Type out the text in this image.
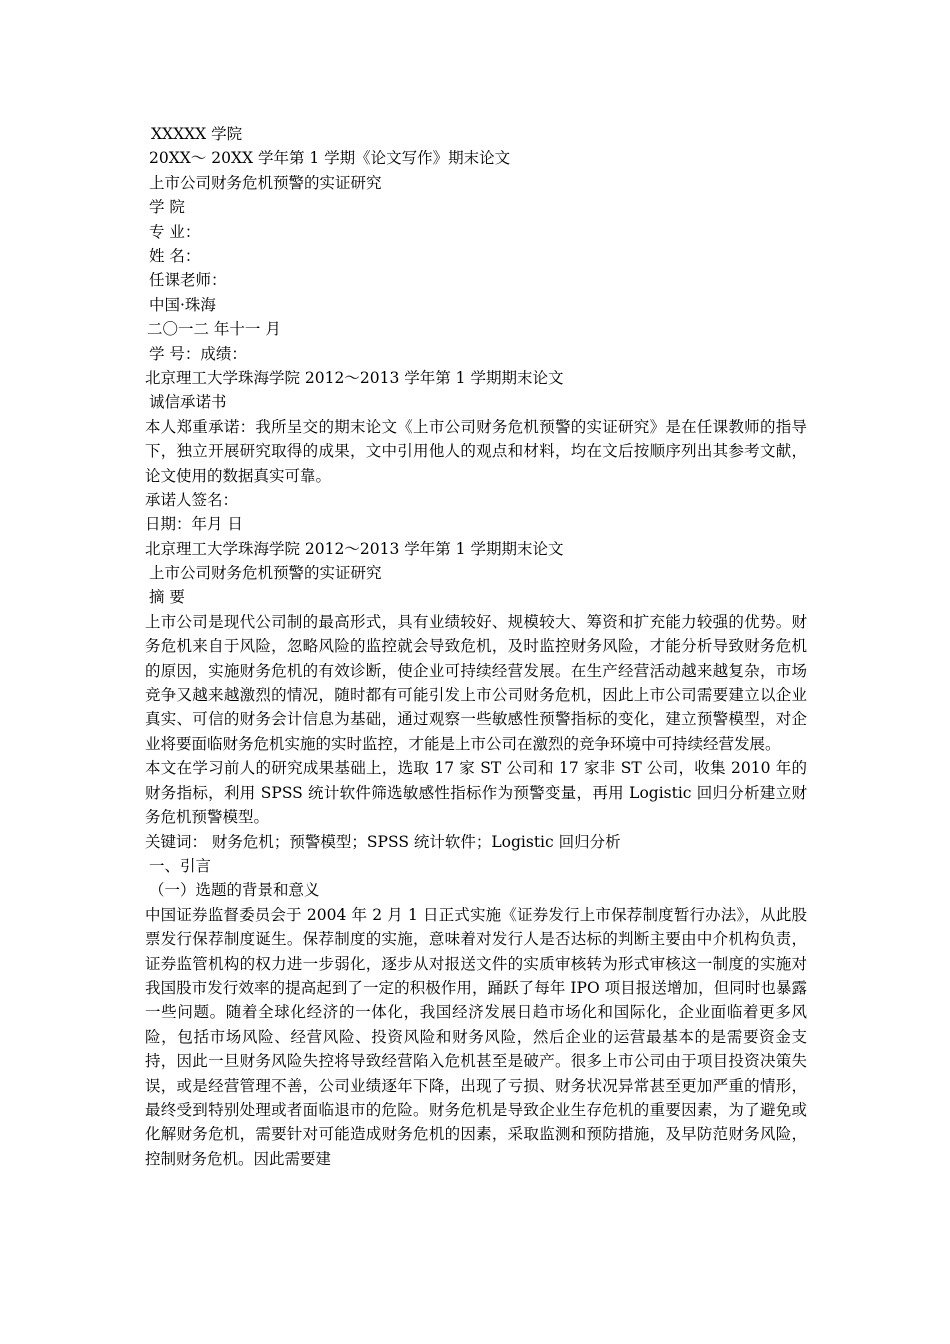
XXXXX 学院
20XX～ 20XX 学年第 1 学期《论文写作》期末论文
上市公司财务危机预警的实证研究
学 院
专 业：
姓 名：
任课老师：
中国·珠海
二〇一二 年十一 月
学 号：成绩：
北京理工大学珠海学院 2012～2013 学年第 1 学期期末论文
诚信承诺书

本人郑重承诺：我所呈交的期末论文《上市公司财务危机预警的实证研究》是在任课教师的指导下，独立开展研究取得的成果，文中引用他人的观点和材料，均在文后按顺序列出其参考文献，论文使用的数据真实可靠。

承诺人签名：
日期：年月 日
北京理工大学珠海学院 2012～2013 学年第 1 学期期末论文
上市公司财务危机预警的实证研究
摘 要

上市公司是现代公司制的最高形式，具有业绩较好、规模较大、筹资和扩充能力较强的优势。财务危机来自于风险，忽略风险的监控就会导致危机，及时监控财务风险，才能分析导致财务危机的原因，实施财务危机的有效诊断，使企业可持续经营发展。在生产经营活动越来越复杂，市场竞争又越来越激烈的情况，随时都有可能引发上市公司财务危机，因此上市公司需要建立以企业真实、可信的财务会计信息为基础，通过观察一些敏感性预警指标的变化，建立预警模型，对企业将要面临财务危机实施的实时监控，才能是上市公司在激烈的竞争环境中可持续经营发展。

本文在学习前人的研究成果基础上，选取 17 家 ST 公司和 17 家非 ST 公司，收集 2010 年的财务指标，利用 SPSS 统计软件筛选敏感性指标作为预警变量，再用 Logistic 回归分析建立财务危机预警模型。

关键词： 财务危机；预警模型；SPSS 统计软件；Logistic 回归分析
一、引言
（一）选题的背景和意义

中国证券监督委员会于 2004 年 2 月 1 日正式实施《证券发行上市保荐制度暂行办法》，从此股票发行保荐制度诞生。保荐制度的实施，意味着对发行人是否达标的判断主要由中介机构负责，证券监管机构的权力进一步弱化，逐步从对报送文件的实质审核转为形式审核这一制度的实施对我国股市发行效率的提高起到了一定的积极作用，踊跃了每年 IPO 项目报送增加，但同时也暴露一些问题。随着全球化经济的一体化，我国经济发展日趋市场化和国际化，企业面临着更多风险，包括市场风险、经营风险、投资风险和财务风险，然后企业的运营最基本的是需要资金支持，因此一旦财务风险失控将导致经营陷入危机甚至是破产。很多上市公司由于项目投资决策失误，或是经营管理不善，公司业绩逐年下降，出现了亏损、财务状况异常甚至更加严重的情形，最终受到特别处理或者面临退市的危险。财务危机是导致企业生存危机的重要因素，为了避免或化解财务危机，需要针对可能造成财务危机的因素，采取监测和预防措施，及早防范财务风险，控制财务危机。因此需要建
